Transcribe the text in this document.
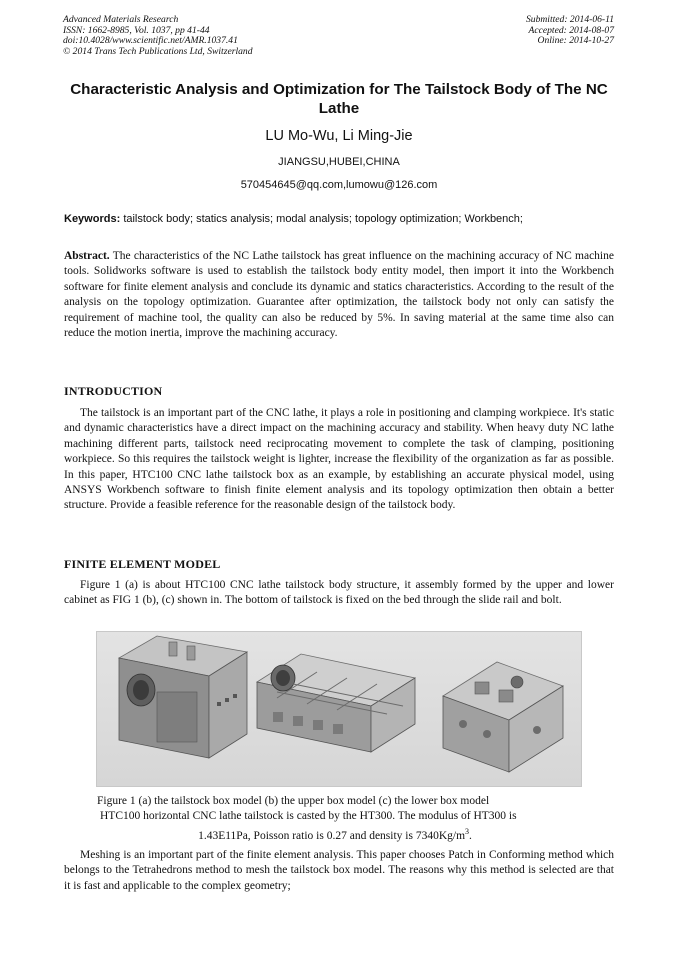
Advanced Materials Research
ISSN: 1662-8985, Vol. 1037, pp 41-44
doi:10.4028/www.scientific.net/AMR.1037.41
© 2014 Trans Tech Publications Ltd, Switzerland
Submitted: 2014-06-11
Accepted: 2014-08-07
Online: 2014-10-27
Characteristic Analysis and Optimization for The Tailstock Body of The NC Lathe
LU Mo-Wu, Li Ming-Jie
JIANGSU,HUBEI,CHINA
570454645@qq.com,lumowu@126.com
Keywords: tailstock body; statics analysis; modal analysis; topology optimization; Workbench;

Abstract. The characteristics of the NC Lathe tailstock has great influence on the machining accuracy of NC machine tools. Solidworks software is used to establish the tailstock body entity model, then import it into the Workbench software for finite element analysis and conclude its dynamic and statics characteristics. According to the result of the analysis on the topology optimization. Guarantee after optimization, the tailstock body not only can satisfy the requirement of machine tool, the quality can also be reduced by 5%. In saving material at the same time also can reduce the motion inertia, improve the machining accuracy.

INTRODUCTION

The tailstock is an important part of the CNC lathe, it plays a role in positioning and clamping workpiece. It's static and dynamic characteristics have a direct impact on the machining accuracy and stability. When heavy duty NC lathe machining different parts, tailstock need reciprocating movement to complete the task of clamping, positioning workpiece. So this requires the tailstock weight is lighter, increase the flexibility of the organization as far as possible. In this paper, HTC100 CNC lathe tailstock box as an example, by establishing an accurate physical model, using ANSYS Workbench software to finish finite element analysis and its topology optimization then obtain a better structure. Provide a feasible reference for the reasonable design of the tailstock body.

FINITE ELEMENT MODEL

Figure 1 (a) is about HTC100 CNC lathe tailstock body structure, it assembly formed by the upper and lower cabinet as FIG 1 (b), (c) shown in. The bottom of tailstock is fixed on the bed through the slide rail and bolt.

Figure 1 (a) the tailstock box model (b) the upper box model (c) the lower box model
HTC100 horizontal CNC lathe tailstock is casted by the HT300. The modulus of HT300 is
1.43E11Pa, Poisson ratio is 0.27 and density is $7340Kg/m^3$.

Meshing is an important part of the finite element analysis. This paper chooses Patch in Conforming method which belongs to the Tetrahedrons method to mesh the tailstock box model. The reasons why this method is selected are that it is fast and applicable to the complex geometry;
